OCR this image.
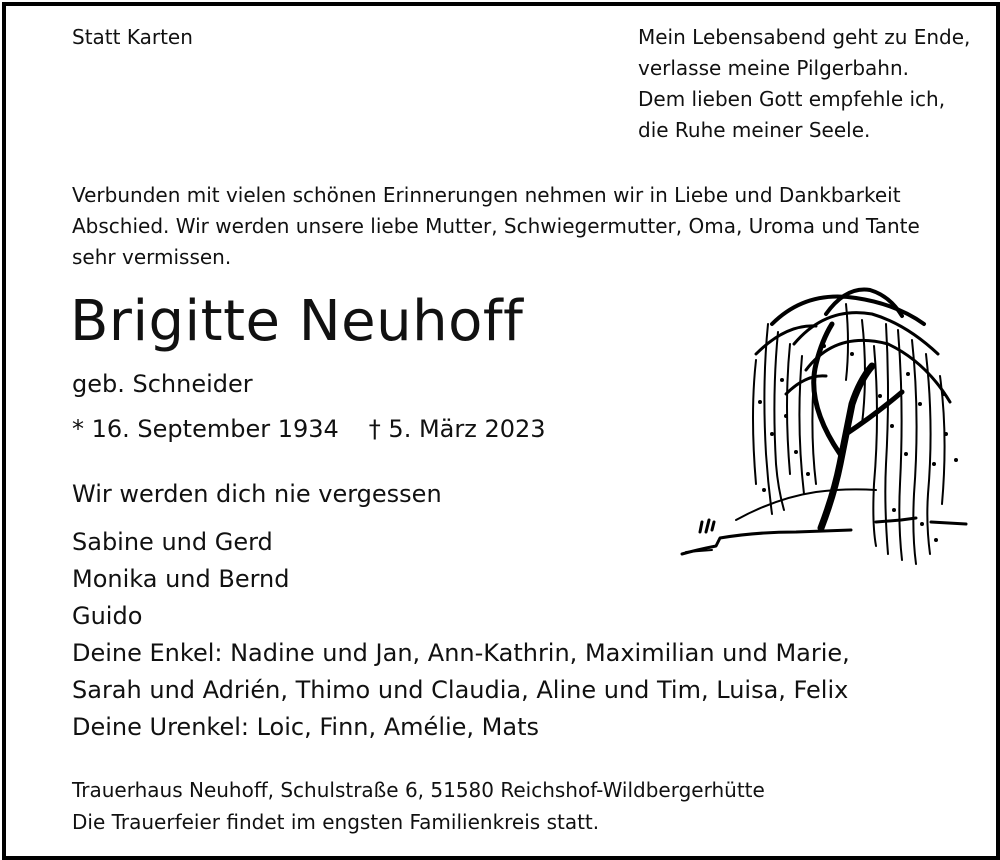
Statt Karten	Mein Lebensabend geht zu Ende,
verlasse meine Pilgerbahn.
Dem lieben Gott empfehle ich,
die Ruhe meiner Seele.
Verbunden mit vielen schönen Erinnerungen nehmen wir in Liebe und Dankbarkeit
Abschied. Wir werden unsere liebe Mutter, Schwiegermutter, Oma, Uroma und Tante
sehr vermissen.
Brigitte Neuhoff
geb. Schneider
* 16. September 1934 † 5. März 2023
Wir werden dich nie vergessen
Sabine und Gerd
Monika und Bernd
Guido
Deine Enkel: Nadine und Jan, Ann-Kathrin, Maximilian und Marie,
Sarah und Adrién, Thimo und Claudia, Aline und Tim, Luisa, Felix
Deine Urenkel: Loic, Finn, Amélie, Mats
Trauerhaus Neuhoff, Schulstraße 6, 51580 Reichshof-Wildbergerhütte
Die Trauerfeier findet im engsten Familienkreis statt.
